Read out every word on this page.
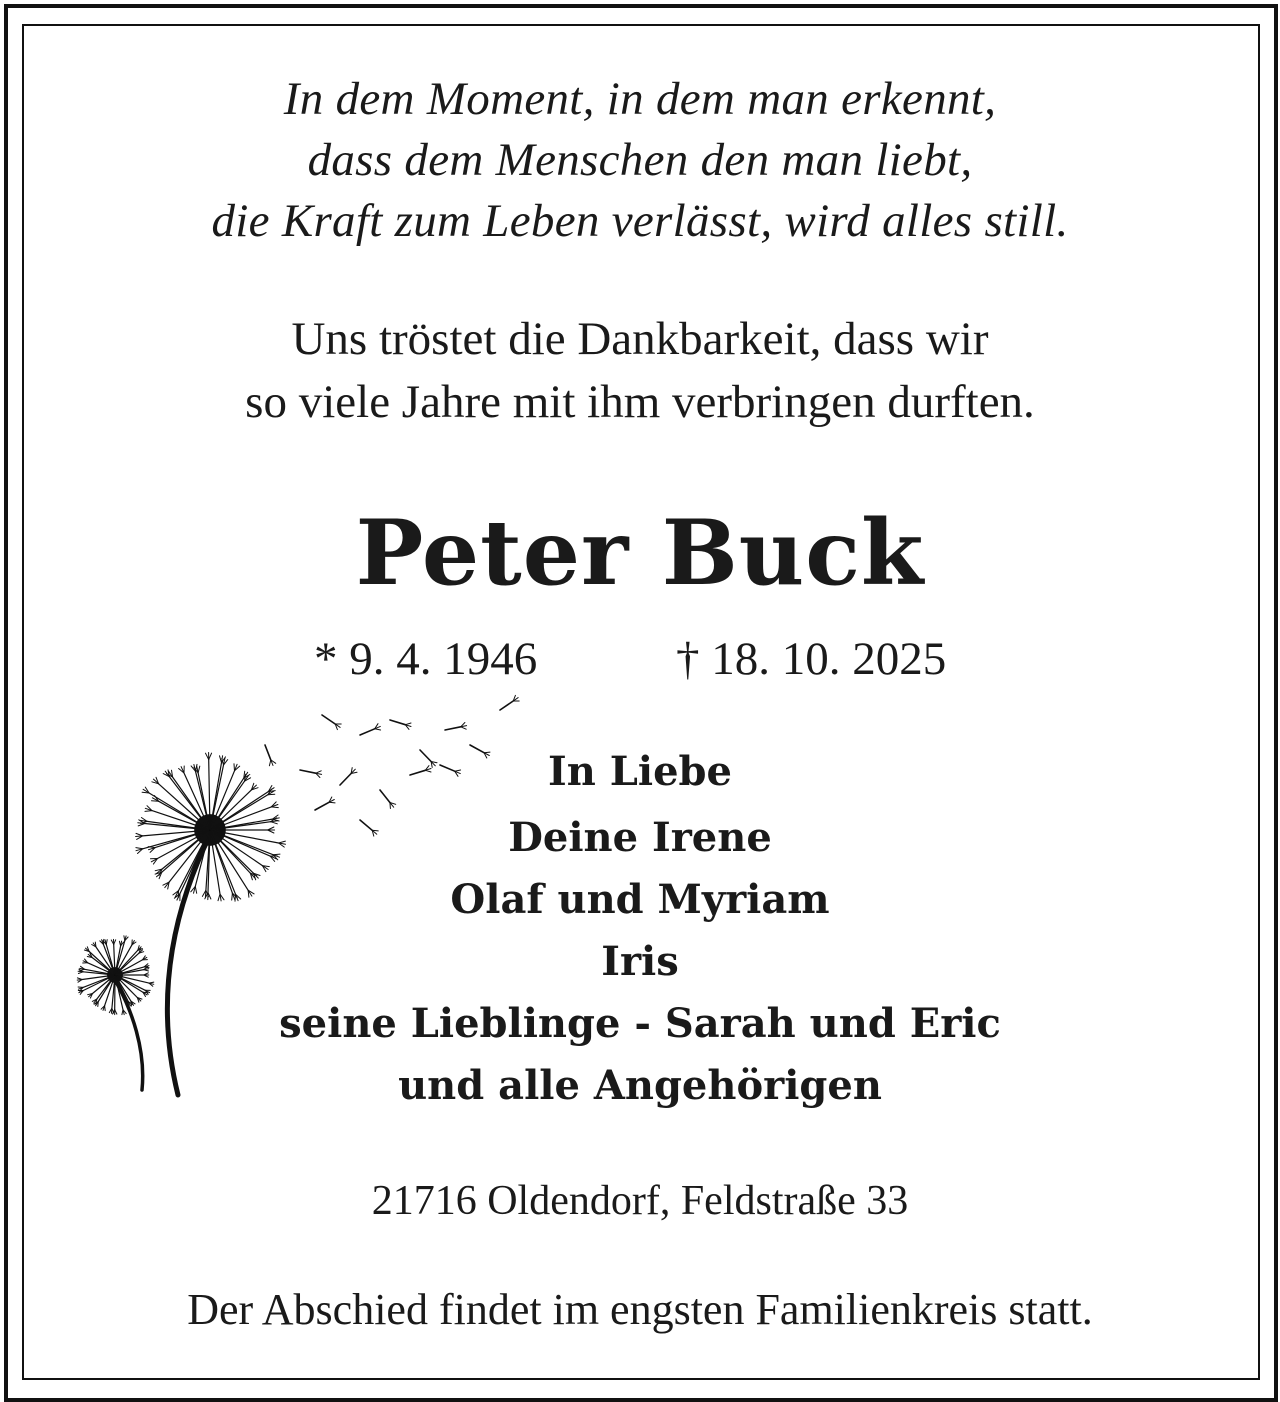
In dem Moment, in dem man erkennt,
dass dem Menschen den man liebt,
die Kraft zum Leben verlässt, wird alles still.
Uns tröstet die Dankbarkeit, dass wir
so viele Jahre mit ihm verbringen durften.
Peter Buck
* 9. 4. 1946	† 18. 10. 2025
In Liebe
Deine Irene
Olaf und Myriam
Iris
seine Lieblinge - Sarah und Eric
und alle Angehörigen
21716 Oldendorf, Feldstraße 33
Der Abschied findet im engsten Familienkreis statt.
